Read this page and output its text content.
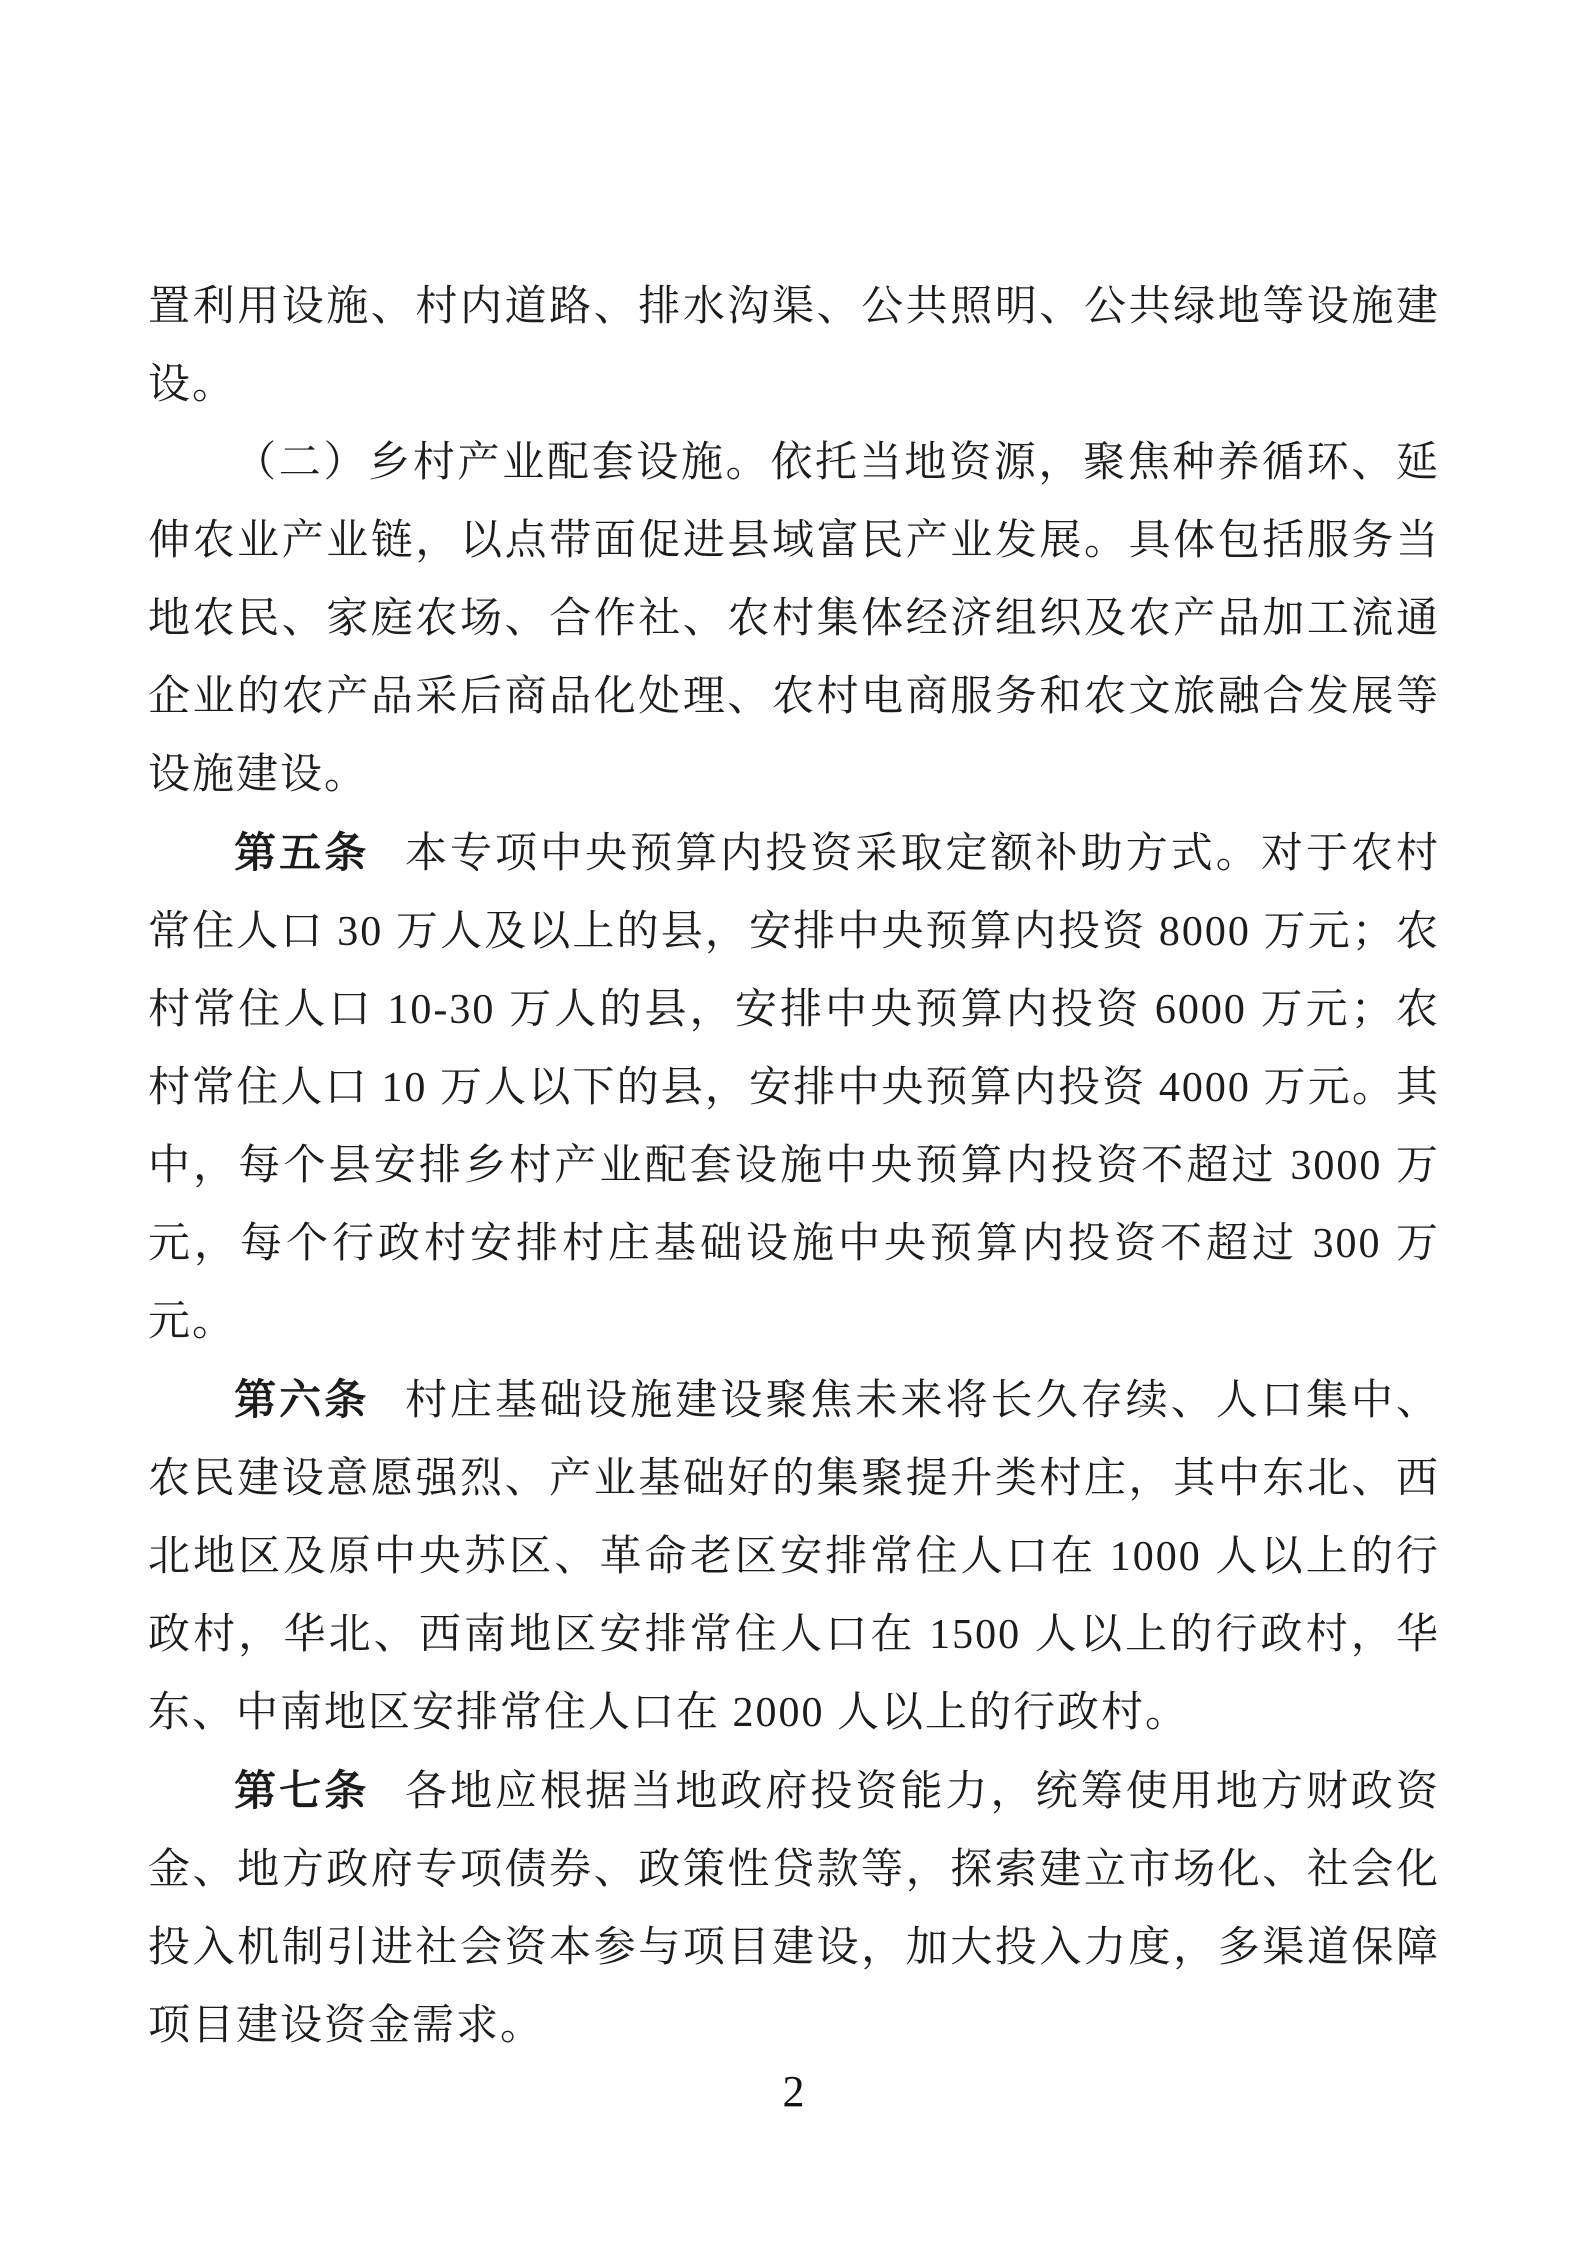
置利用设施、村内道路、排水沟渠、公共照明、公共绿地等设施建设。

（二）乡村产业配套设施。依托当地资源，聚焦种养循环、延伸农业产业链，以点带面促进县域富民产业发展。具体包括服务当地农民、家庭农场、合作社、农村集体经济组织及农产品加工流通企业的农产品采后商品化处理、农村电商服务和农文旅融合发展等设施建设。

第五条 本专项中央预算内投资采取定额补助方式。对于农村常住人口 30 万人及以上的县，安排中央预算内投资 8000 万元；农村常住人口 10-30 万人的县，安排中央预算内投资 6000 万元；农村常住人口 10 万人以下的县，安排中央预算内投资 4000 万元。其中，每个县安排乡村产业配套设施中央预算内投资不超过 3000 万元，每个行政村安排村庄基础设施中央预算内投资不超过 300 万元。

第六条 村庄基础设施建设聚焦未来将长久存续、人口集中、农民建设意愿强烈、产业基础好的集聚提升类村庄，其中东北、西北地区及原中央苏区、革命老区安排常住人口在 1000 人以上的行政村，华北、西南地区安排常住人口在 1500 人以上的行政村，华东、中南地区安排常住人口在 2000 人以上的行政村。

第七条 各地应根据当地政府投资能力，统筹使用地方财政资金、地方政府专项债券、政策性贷款等，探索建立市场化、社会化投入机制引进社会资本参与项目建设，加大投入力度，多渠道保障项目建设资金需求。

2
